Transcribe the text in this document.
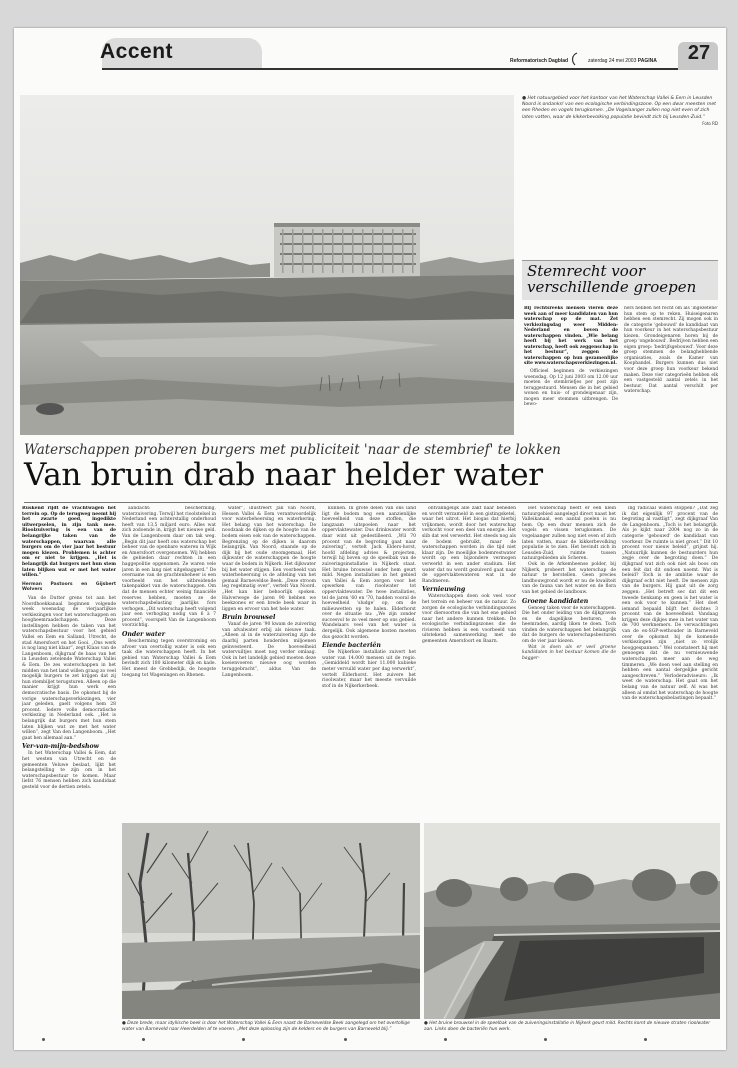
Accent	Reformatorisch Dagblad	zaterdag 24 mei 2003 PAGINA 27
● Het natuurgebied voor het kantoor van het Waterschap Vallei & Eem in Leusden Noord is ondanks! van een ecologische verbindingszone. Op een dwar meesten met een Rheden en vogels terugkomen. „De Vogelaanger zullen nog niet even of zich laten vatten, waar de kikkerbevolking populatie bevindt zich bij Leusden-Zuid.”
Foto RD
Stemrecht voor verschillende groepen
Bij rechtsreeks mensen vieren deze week aan of meer kandidaten van hun waterschap op de mat. Zet verkiezingsdag weer Midden-Nederland en boven de waterschappen vinden. „Wie belang heeft bij het werk van het waterschap, heeft ook zeggenschap in het bestuur”, zeggen de waterschappen op hun gezamenlijke site www.waterschapsverkiezingen.nl.
Officieel beginnen de verkiezingen woensdag. Op 12 juni 2003 om 12.00 uur moeten de stembriefjes per post zijn teruggestuurd. Mensen die in het gebied wonen en huis- of grondeigenaar zijn, mogen meer stemmen uitbrengen. De bewo-
ners hebben het recht om als 'ingezetene' hun stem op te reken. Huiseigenaren hebben een stemrecht. Zij mogen ook in de categorie 'gebouwd' de kandidaat van hun voorkeur in het waterschapsbestuur kiezen. Grondeigenaren horen bij de groep 'ongebouwd'. Bedrijven hebben een eigen groep: 'bedrijfsgebouwd'. Voor deze groep stemmen de belanghebbende organisaties, zoals de Kamer van Koophandel. Burgers kunnen dus niet voor deze groep hun voorkeur bekend maken. Deze vier categorieën hebben elk een vastgesteld aantal zetels in het bestuur. Dat aantal verschilt per waterschap.
Waterschappen proberen burgers met publiciteit 'naar de stembrief' te lokken
Van bruin drab naar helder water

Ruskend rijdt de vrachtwagen het terrein op. Op de terugweg neemt hij het zwarte goed, ingedikte uitwerpselen, in zijn tank mee. Rioolzuivering is een van de belangrijke taken van de waterschappen, waarvan alle burgers om de vier jaar het bestuur mogen kiezen. Problemen is achter om er niet te krijgen. „Het is belangrijk dat burgers met hun stem laten blijken wat er met het water willen.”

Herman Pastoors en Gijsbert Wolvers

Van de Dutter grens tot aan het Noordhoekkanaal beginnen volgende week woensdag de vierjaarlijkse verkiezingen voor het waterschappen en hoogheemraadschappen. Deze instellingen hebben de taken van het waterschapsbestuur voor het gebied Vallei en Eem en Salland, Utrecht, de stad Amersfoort en het Gooi. „Ons werk is nog lang niet klaar”, zegt Klaas van de Langenboom, dijkgraaf de baas van het in Leusden zetelende Waterschap Vallei & Eem. De zes waterschappen in het midden van het land willen graag zo veel mogelijk burgers te zet krijgen dat zij hun stembiljet terugsturen. Alleen op die manier krijgt hun werk een democratische basis. De opkomst bij de vorige waterschapsverkiezingen, vier jaar geleden, gaelt volgens hem 28 procent. Iedere volle democratische verkiezing in Nederland ook. „Het is belangrijk dat burgers met hun stem laten blijken wat ze met het water willen”, zegt Van den Langenboom. „Het gaat hen allemaal aan.”

Ver-van-mijn-bedshow

In het Waterschap Vallei & Eem, dat het westen van Utrecht en de gemeenten Veluwe beslaat, lijkt het belangstelling te zijn om in het waterschapsbestuur te komen. Maar liefst 76 mensen hebben zich kandidaat gesteld voor de dertien zetels.

aandacht: bescherming, waterzuivering. Terwijl het rioolstelsel in Nederland een achterstallig onderhoud heeft van 13,5 miljard euro. Alles wat zich zodoende in, krijgt het nieuwe geld. Van de Langenboom daar om tak weg. „Begin dit jaar heeft ons waterschap het beheer van de openbare wateren in Wijk en Amersfoort overgenomen. Wij hebben de gebieden daar rechten in een haggepolitie opgenomen. Ze waren vele jaren in een lang niet uitgebaggerd.” De overname van de grachtenbeheer is een voorbeeld van het uitbreidende takenpakket van de waterschappen. Om dat de mensen echter weinig financiële reserves hebben, moeten ze de waterschapsbelasting jaarlijks fors verhogen. „Dit waterschap heeft volgend jaar een verhoging nodig van 6 à 7 procent”, voorspelt Van de Langenboom voorzichtig.

Onder water

Bescherming tegen overstroming en afvoer van overtollig water is ook een taak die waterschappen heeft. In het gebied van Waterschap Vallei & Eem bevindt zich 180 kilometer dijk en kade. Het meest de Grebbedijk, de hoogste toegang tot Wageningen en Rhenen.

water”, illustreert Jan van Noord, Hessen Vallei & Eem verantwoordelijk voor waterbeheersing en waterkering. Het belang van het waterschap. De noodzaak de dijken op de hoogte van de bodem eisen ook van de waterschappen. Begrenzing op de dijken is daarom belangrijk. Van Noord, staande op de dijk bij het oude stoomgemaal, Het dijkwater de waterschappen de hoogte waar de bodem in Nijkerk. Het dijkwater bij het water stijgen. Een voorbeeld van waterbeheersing is de afdeling van het gemaal Barneveldse Beek. „Deze stroom leg regelmatig over”, vertelt Van Noord. „Het kan hier behoorlijk spoken. Halverwege de jaren 90 hebben we beekzones er een brede beek waar in liggen en ervoor van het hele water.

Bruin brouwsel

Vanaf de jaren '90 kwam de zuivering van afvalwater erbij als nieuwe taak. „Alleen al in de waterzuivering zijn de daarbij parten honderden miljoenen geïnvesteerd. De hoeveelheid watervuiltjes moet nog verder omlaag. Ook in het landelijk gebied moeten deze koeienvoeren nieuwe oog worden teruggebracht”, aldus Van de Langenboom.

kunnen. In grote delen van ons land ligt de bodem nog een aanzienlijke hoeveelheid van deze stoffen, die langzaam uitspoelen naar het oppervlaktewater. Dus drinkwater wordt daar wint uit gedestilleerd. „Wil 70 procent van de begroting gaat naar zuivering”, vertelt Jack Elders-horst, hoofd afdeling advies & projecten, terwijl hij boven op de speelbak van de zuiveringsinstallatie in Nijkerk staat. Het bruine brouwsel onder hem geurt mild. Negen installaties in het gebied van Vallei & Eem zorgen voor het opwerken van rioolwater tot oppervlaktewater. De twee installaties, tel de jaren '60 en '70, hadden vooral de hoeveelheid ‘sludge’ op, om de milieuwetten op te halen. Elderhorst over de situatie nu: „We zijn zonder succesvol te zo veel meer op ons gebied. Wandelaars veel van het water is dergelijk. Ook algemene kosten moeten dus gezocht worden.

Eiende bacteriën

De Nijkerkse installatie zuivert het water van 14.000 mensen uit de regio. „Gemiddeld wordt hier 11.000 kubieke meter vervuild water per dag verwerkt”, vertelt Elderhorst. Het zuivere het rioolwater, maar het meeste vervuilde stof in de Nijkerkerbeek.

ontvanngelijk alle zakt naar beneden en wordt verzameld in een gistingsketel, waar het uitrot. Het biogas dat hierbij vrijkomen, wordt door het waterschap verkocht voor een deel van energie. Het slib dat wel verwerkt. Het steeds nog als de bodem gebruikt, maar de waterschappen worden in die tijd niet klaar zijn. De moeilijke bodemrestwater wordt op een bijzondere vermogen verwerkt in een ander stadium. Het water dat nu wordt gezuiverd gaat naar de oppervlaktewateren wat in de Randmeren.

Vernieuwing

Waterschappen doen ook veel voor het terrein en beheer van de natuur. Zo zorgen de ecologische verbindingszones voor diersoorten die van het ene gebied naar het andere kunnen trekken. De ecologische verbindingszones die de rivieren hebben is een voorbeeld van uitstekend samenwerking met de gemeenten Amersfoort en Baarn.

Het waterschap heeft er een klein natuurgebied aangelegd direct naast het Valleikanaal, een aantal poelen is nu hem. Op een dwar mensen zich de vogels en vissen terugkomen. De vogelaanger zullen nog niet even of zich laten vatten, maar de kikkerbevolking populatie is te zien. Het bevindt zich in Leusden-Zuid, ruimte tussen natuurgebieden als Scheren.

Ook in de Arkemheense polder, bij Nijkerk, probeert het waterschap de natuur te herstellen. Geen precies landbouwgrond wordt er nu de kwaliteit van de fauna van het water en de flora van het gebied de landbouw.

Groene kandidaten

Genoeg taken voor de waterschappen. Die het onder leiding van de dijkgraven en de dagelijkse besturen, de heemraden, aardig liken te doen. Toch vinden de waterschappen het belangrijk dat de burgers de waterschapsbesturen om de vier jaar kiezen.

Wat is doen als er veel groene kandidaten in het bestuur komen die de bagger-

ing radicaal willen stoppen? „Dat zeg ik dat eigenlijk 97 procent van de begroting al vastligt”, zegt dijkgraaf Van de Langenboom. „Toch is het belangrijk. Als je kijkt naar 2004 nog zo in de categorie 'gebouwd' de kandidaat van voorkeur. De ruimte is niet groot.” Dit 10 procent voor nieuw beleid”, grijnst hij. „Natuurlijk kunnen de bestuurders hun zegje over de begroting doen.” De dijkgraaf wat zich ook niet als boos om een feit dat dit ondoen noemt. Wat is beleid? Toch is de ambitie waar de dijkgraaf echt niet heeft. De mensen zijn van de burgers. Hij gaat uit de zorg zeggen: „Het betreft sec dat dit een tweede tienkamp en geen is het water is een ook voor te kunnen.” Het doet iemand bepaald blijft het dochtes 3 procent van de hoeveelheid. Vandaag krijgen deze dijkjes mee in het water van de 700 werknemers. De verwachtingen van de ex-SGP-wethouder in Barneveld over de opkomst bij de komende verkiezingen zijn „niet zo vrolijk hooggespannen.” Wel constateert hij met genoegen dat de nu vernieuwende waterschappen meer aan de weg timmeren. „We doen veel aan stelling en hebben een aantal dergelijke gericht aangeschreven.” Verloderadviseurs: „Ik weet de waterschap. Het gaat om het belang van de natuur zelf. Al was het alleen al omdat het waterschap de hoogte van de waterschapsbelastingen bepaalt.”

● Deze brede, maar idyllische beek is door het Waterschap Vallei & Eem naast de Barneveldse Beek aangelegd om het overtollige water van Barneveld naar Heerdelden af te voeren. „Met deze oplossing zijn de kelders en de burgers van Barneveld blij.”
● Het bruine brouwsel in de speelbak van de zuiveringsinstallatie in Nijkerk geurt mild. Rechts komt de nieuwe straten rioolwater aan. Links doen de bacteriën hun werk.
